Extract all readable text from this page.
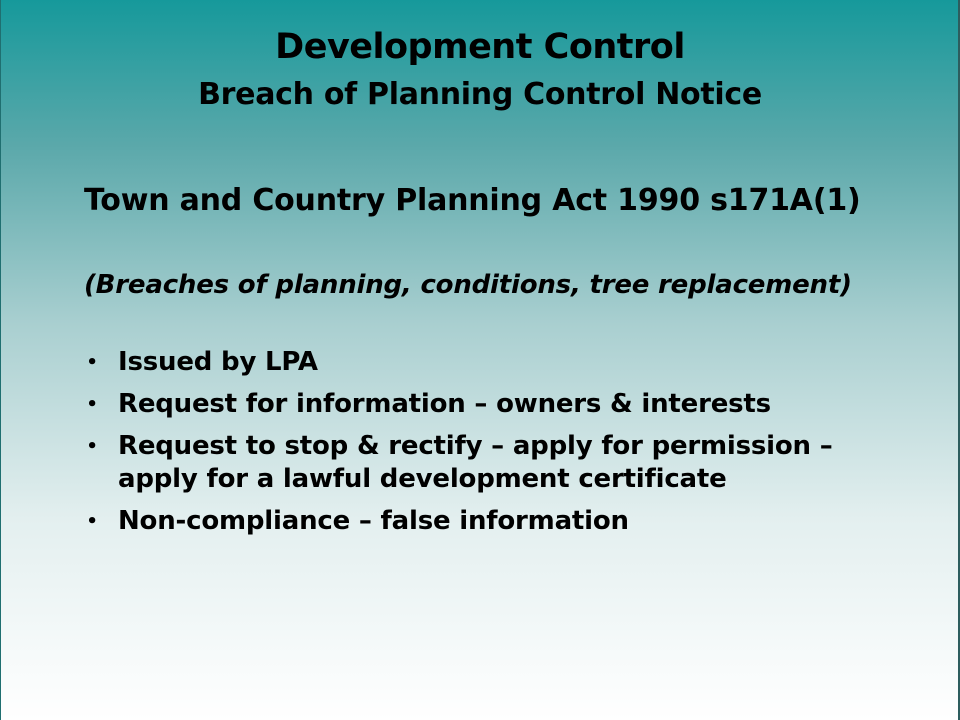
Development Control
Breach of Planning Control Notice
Town and Country Planning Act 1990 s171A(1)
(Breaches of planning, conditions, tree replacement)
• Issued by LPA
• Request for information – owners & interests
• Request to stop & rectify – apply for permission – apply for a lawful development certificate
• Non-compliance – false information
